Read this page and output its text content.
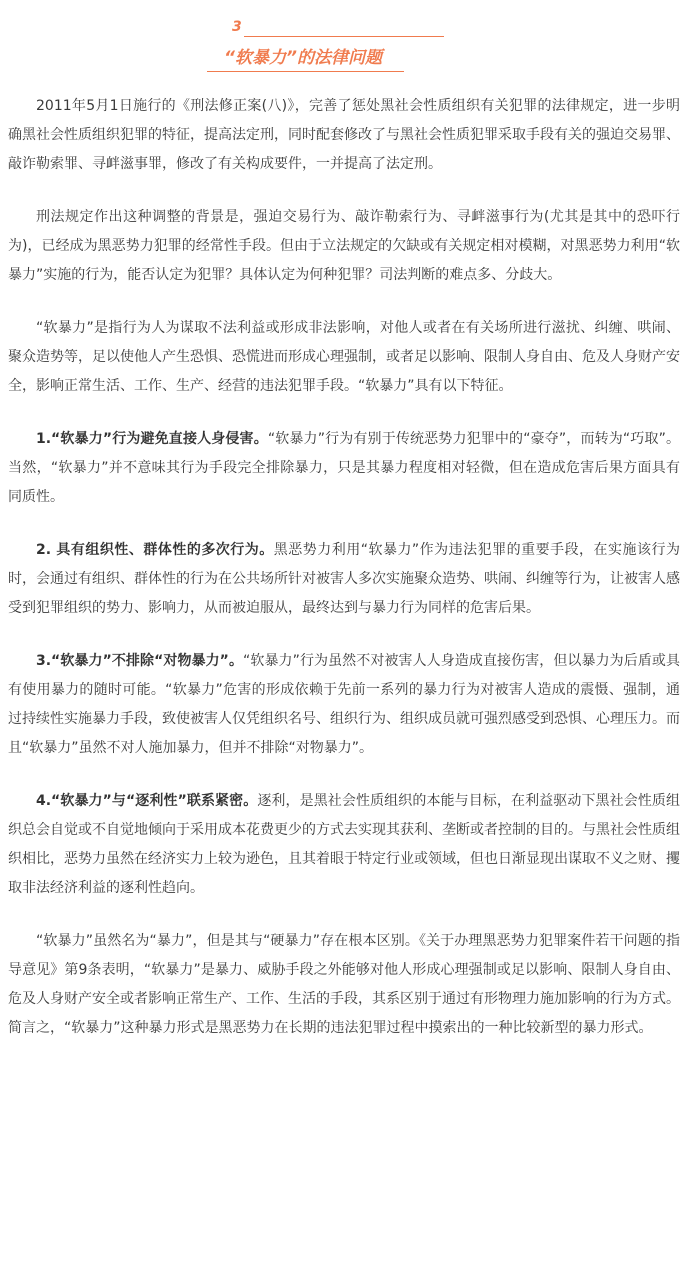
3
“软暴力”的法律问题

2011年5月1日施行的《刑法修正案(八)》，完善了惩处黑社会性质组织有关犯罪的法律规定，进一步明确黑社会性质组织犯罪的特征，提高法定刑，同时配套修改了与黑社会性质犯罪采取手段有关的强迫交易罪、敲诈勒索罪、寻衅滋事罪，修改了有关构成要件，一并提高了法定刑。

刑法规定作出这种调整的背景是，强迫交易行为、敲诈勒索行为、寻衅滋事行为(尤其是其中的恐吓行为)，已经成为黑恶势力犯罪的经常性手段。但由于立法规定的欠缺或有关规定相对模糊，对黑恶势力利用“软暴力”实施的行为，能否认定为犯罪？具体认定为何种犯罪？司法判断的难点多、分歧大。

“软暴力”是指行为人为谋取不法利益或形成非法影响，对他人或者在有关场所进行滋扰、纠缠、哄闹、聚众造势等，足以使他人产生恐惧、恐慌进而形成心理强制，或者足以影响、限制人身自由、危及人身财产安全，影响正常生活、工作、生产、经营的违法犯罪手段。“软暴力”具有以下特征。

1.“软暴力”行为避免直接人身侵害。“软暴力”行为有别于传统恶势力犯罪中的“豪夺”，而转为“巧取”。当然，“软暴力”并不意味其行为手段完全排除暴力，只是其暴力程度相对轻微，但在造成危害后果方面具有同质性。

2. 具有组织性、群体性的多次行为。黑恶势力利用“软暴力”作为违法犯罪的重要手段，在实施该行为时，会通过有组织、群体性的行为在公共场所针对被害人多次实施聚众造势、哄闹、纠缠等行为，让被害人感受到犯罪组织的势力、影响力，从而被迫服从，最终达到与暴力行为同样的危害后果。

3.“软暴力”不排除“对物暴力”。“软暴力”行为虽然不对被害人人身造成直接伤害，但以暴力为后盾或具有使用暴力的随时可能。“软暴力”危害的形成依赖于先前一系列的暴力行为对被害人造成的震慑、强制，通过持续性实施暴力手段，致使被害人仅凭组织名号、组织行为、组织成员就可强烈感受到恐惧、心理压力。而且“软暴力”虽然不对人施加暴力，但并不排除“对物暴力”。

4.“软暴力”与“逐利性”联系紧密。逐利，是黑社会性质组织的本能与目标，在利益驱动下黑社会性质组织总会自觉或不自觉地倾向于采用成本花费更少的方式去实现其获利、垄断或者控制的目的。与黑社会性质组织相比，恶势力虽然在经济实力上较为逊色，且其着眼于特定行业或领域，但也日渐显现出谋取不义之财、攫取非法经济利益的逐利性趋向。

“软暴力”虽然名为“暴力”，但是其与“硬暴力”存在根本区别。《关于办理黑恶势力犯罪案件若干问题的指导意见》第9条表明，“软暴力”是暴力、威胁手段之外能够对他人形成心理强制或足以影响、限制人身自由、危及人身财产安全或者影响正常生产、工作、生活的手段，其系区别于通过有形物理力施加影响的行为方式。简言之，“软暴力”这种暴力形式是黑恶势力在长期的违法犯罪过程中摸索出的一种比较新型的暴力形式。
